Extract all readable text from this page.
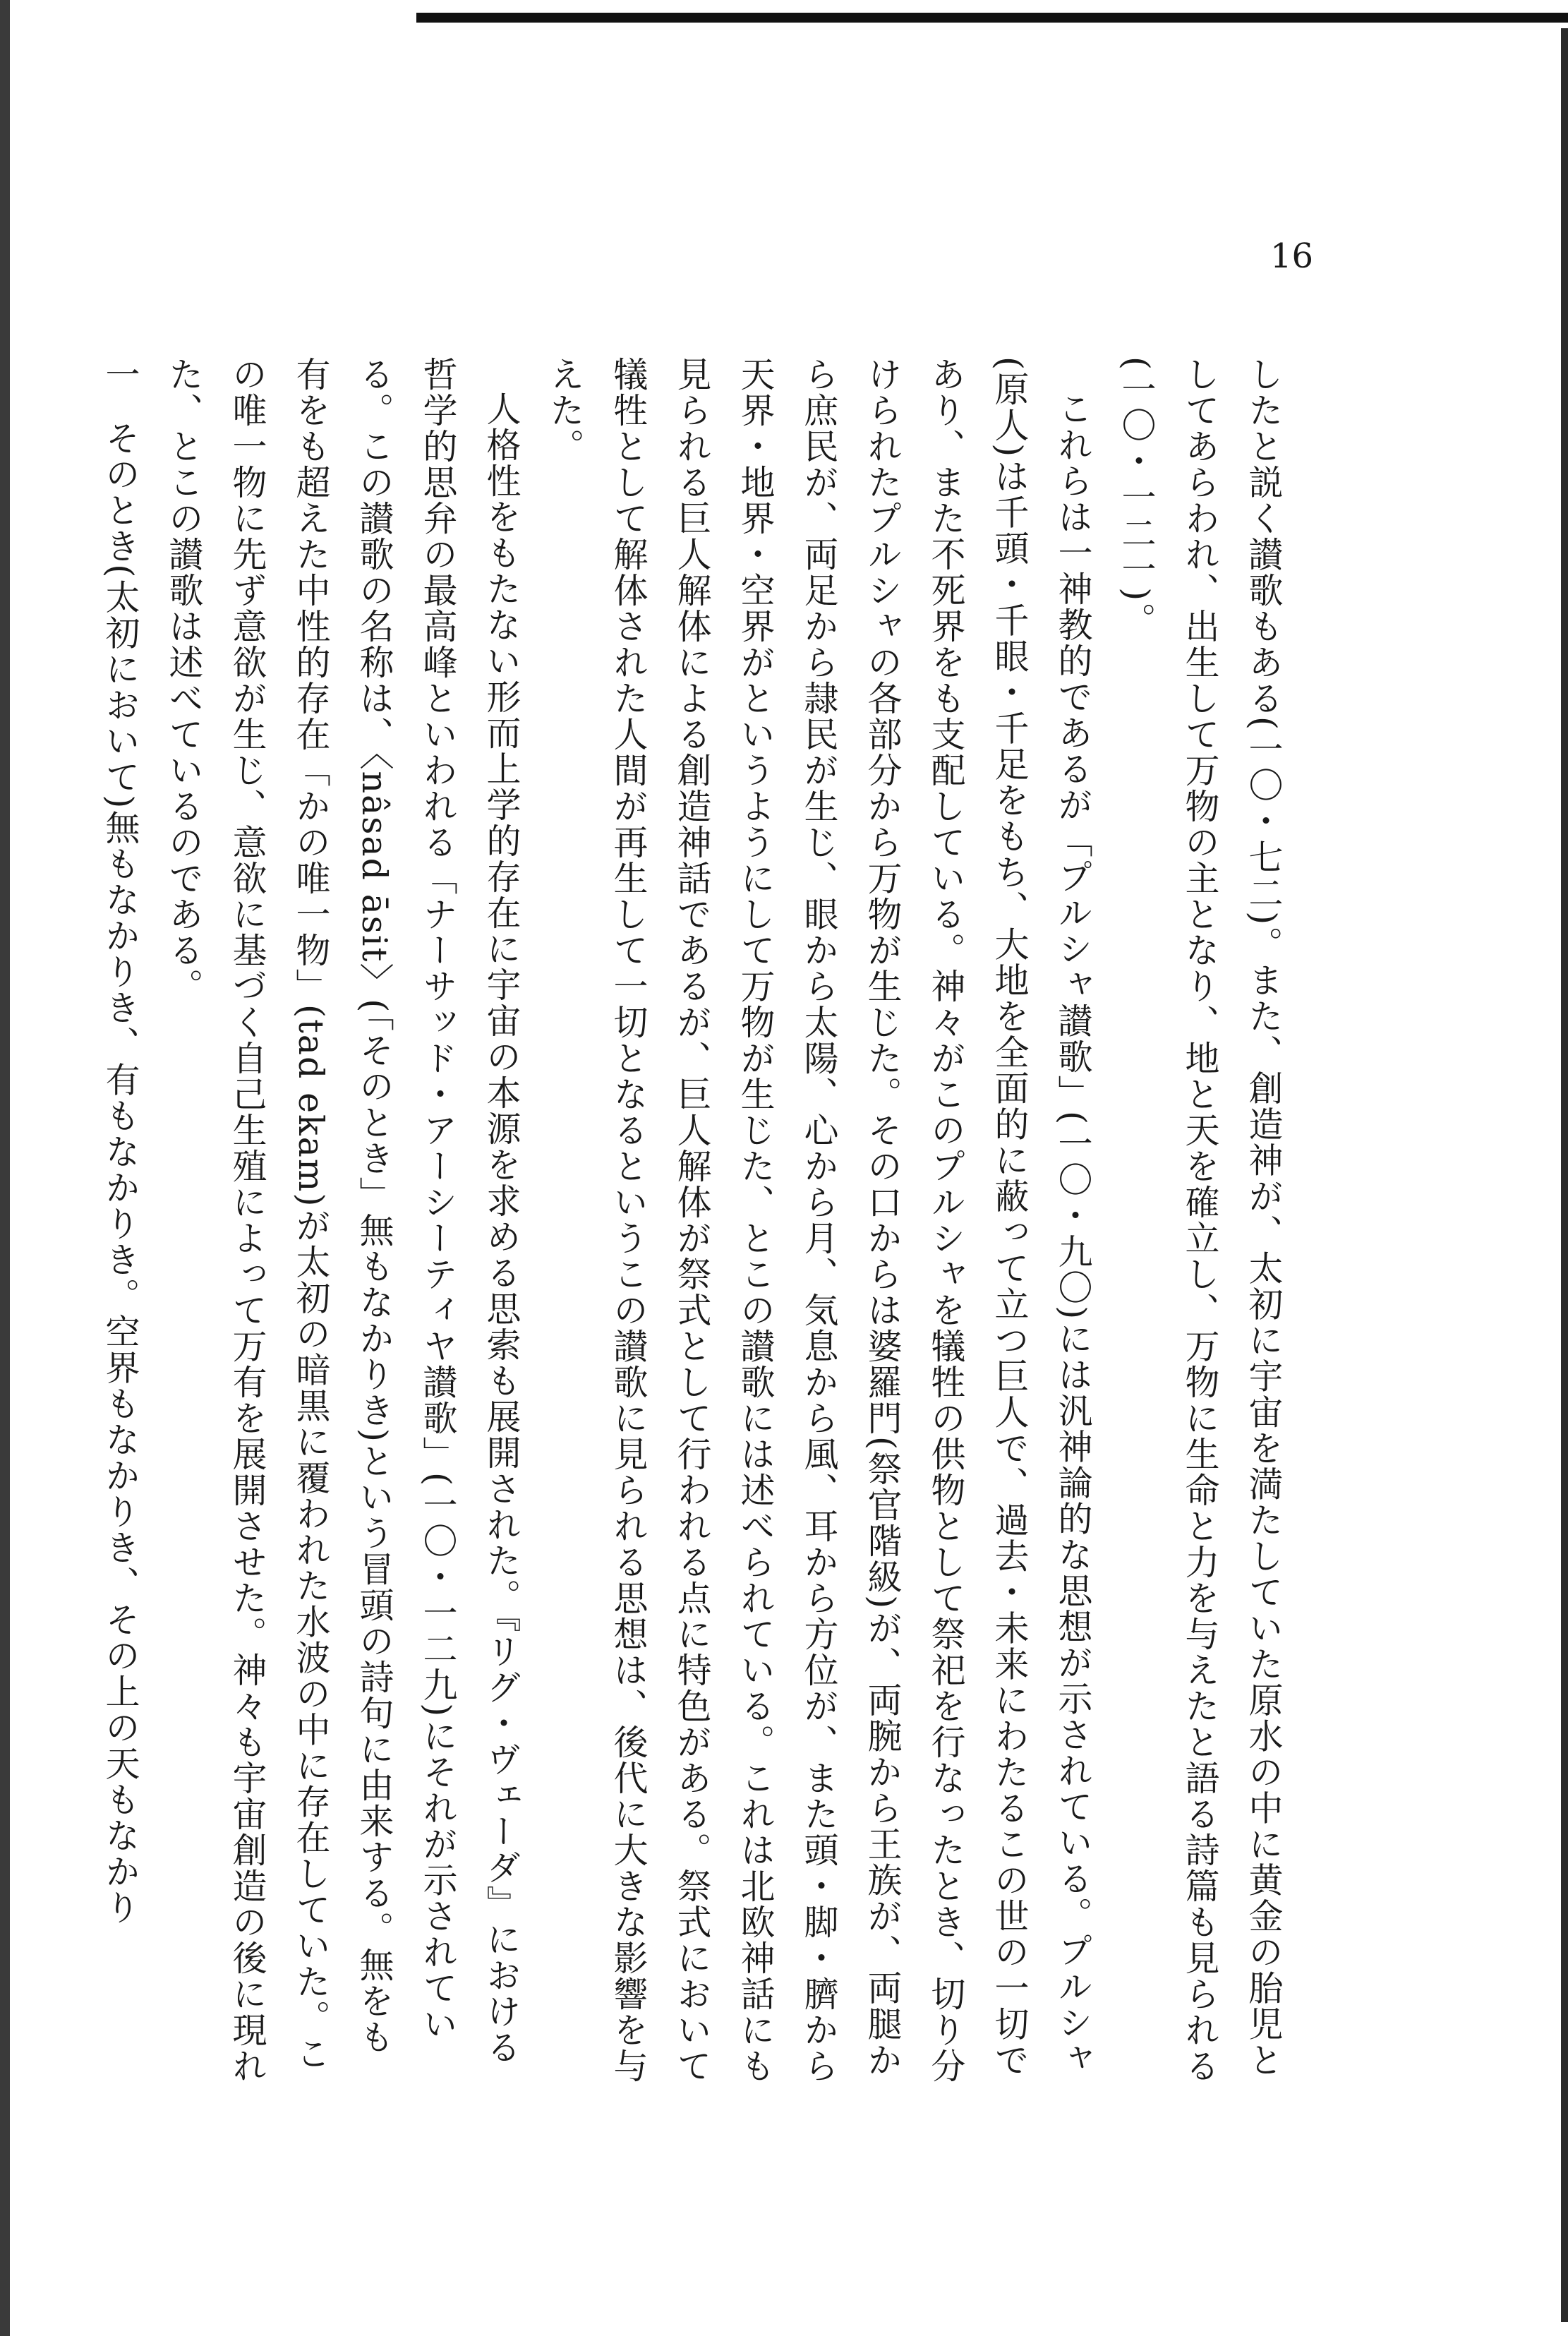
16

したと説く讃歌もある(一〇・七二)。また、創造神が、太初に宇宙を満たしていた原水の中に黄金の胎児としてあらわれ、出生して万物の主となり、地と天を確立し、万物に生命と力を与えたと語る詩篇も見られる(一〇・一二一)。

これらは一神教的であるが「プルシャ讃歌」(一〇・九〇)には汎神論的な思想が示されている。プルシャ(原人)は千頭・千眼・千足をもち、大地を全面的に蔽って立つ巨人で、過去・未来にわたるこの世の一切であり、また不死界をも支配している。神々がこのプルシャを犠牲の供物として祭祀を行なったとき、切り分けられたプルシャの各部分から万物が生じた。その口からは婆羅門(祭官階級)が、両腕から王族が、両腿から庶民が、両足から隷民が生じ、眼から太陽、心から月、気息から風、耳から方位が、また頭・脚・臍から天界・地界・空界がというようにして万物が生じた、とこの讃歌には述べられている。これは北欧神話にも見られる巨人解体による創造神話であるが、巨人解体が祭式として行われる点に特色がある。祭式において犠牲として解体された人間が再生して一切となるというこの讃歌に見られる思想は、後代に大きな影響を与えた。

人格性をもたない形而上学的存在に宇宙の本源を求める思索も展開された。『リグ・ヴェーダ』における哲学的思弁の最高峰といわれる「ナーサッド・アーシーティヤ讃歌」(一〇・一二九)にそれが示されている。この讃歌の名称は、〈nâsad āsit〉(「そのとき」無もなかりき)という冒頭の詩句に由来する。無をも有をも超えた中性的存在「かの唯一物」(tad ekam)が太初の暗黒に覆われた水波の中に存在していた。この唯一物に先ず意欲が生じ、意欲に基づく自己生殖によって万有を展開させた。神々も宇宙創造の後に現れた、とこの讃歌は述べているのである。

一そのとき(太初において)無もなかりき、有もなかりき。空界もなかりき、その上の天もなかり
